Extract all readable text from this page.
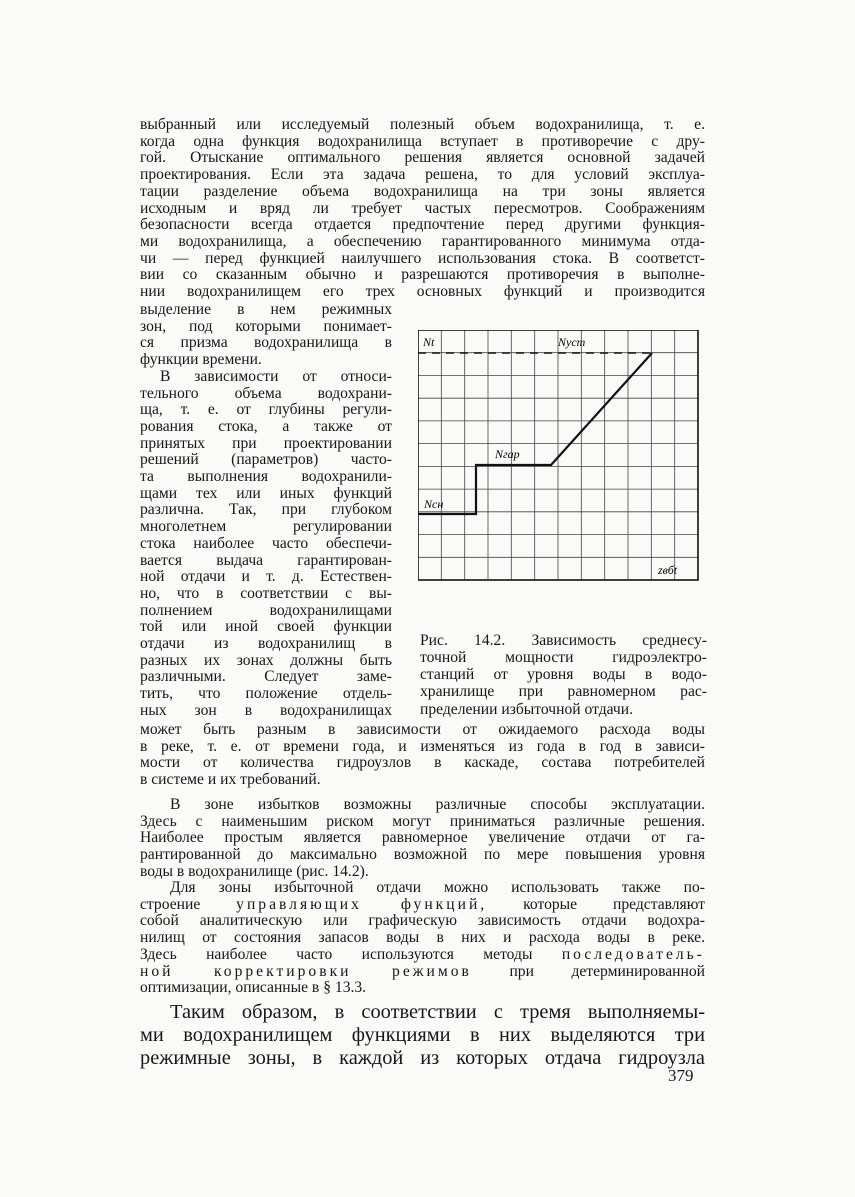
выбранный или исследуемый полезный объем водохранилища, т. е.

когда одна функция водохранилища вступает в противоречие с дру-

гой. Отыскание оптимального решения является основной задачей

проектирования. Если эта задача решена, то для условий эксплуа-

тации разделение объема водохранилища на три зоны является

исходным и вряд ли требует частых пересмотров. Соображениям

безопасности всегда отдается предпочтение перед другими функция-

ми водохранилища, а обеспечению гарантированного минимума отда-

чи — перед функцией наилучшего использования стока. В соответст-

вии со сказанным обычно и разрешаются противоречия в выполне-

нии водохранилищем его трех основных функций и производится

выделение в нем режимных

зон, под которыми понимает-

ся призма водохранилища в

функции времени.

В зависимости от относи-

тельного объема водохрани-

ща, т. е. от глубины регули-

рования стока, а также от

принятых при проектировании

решений (параметров) часто-

та выполнения водохранили-

щами тех или иных функций

различна. Так, при глубоком

многолетнем регулировании

стока наиболее часто обеспечи-

вается выдача гарантирован-

ной отдачи и т. д. Естествен-

но, что в соответствии с вы-

полнением водохранилищами

той или иной своей функции

отдачи из водохранилищ в

разных их зонах должны быть

различными. Следует заме-

тить, что положение отдель-

ных зон в водохранилищах

может быть разным в зависимости от ожидаемого расхода воды

в реке, т. е. от времени года, и изменяться из года в год в зависи-

мости от количества гидроузлов в каскаде, состава потребителей

в системе и их требований.

В зоне избытков возможны различные способы эксплуатации.

Здесь с наименьшим риском могут приниматься различные решения.

Наиболее простым является равномерное увеличение отдачи от га-

рантированной до максимально возможной по мере повышения уровня

воды в водохранилище (рис. 14.2).

Для зоны избыточной отдачи можно использовать также по-

строение управляющих функций, которые представляют

собой аналитическую или графическую зависимость отдачи водохра-

нилищ от состояния запасов воды в них и расхода воды в реке.

Здесь наиболее часто используются методы последователь-

ной корректировки режимов при детерминированной

оптимизации, описанные в § 13.3.

Таким образом, в соответствии с тремя выполняемы-

ми водохранилищем функциями в них выделяются три

режимные зоны, в каждой из которых отдача гидроузла

Nt	Nуст
Nгар
Nсн
zвбt

Рис. 14.2. Зависимость среднесу-

точной мощности гидроэлектро-

станций от уровня воды в водо-

хранилище при равномерном рас-

пределении избыточной отдачи.

379
